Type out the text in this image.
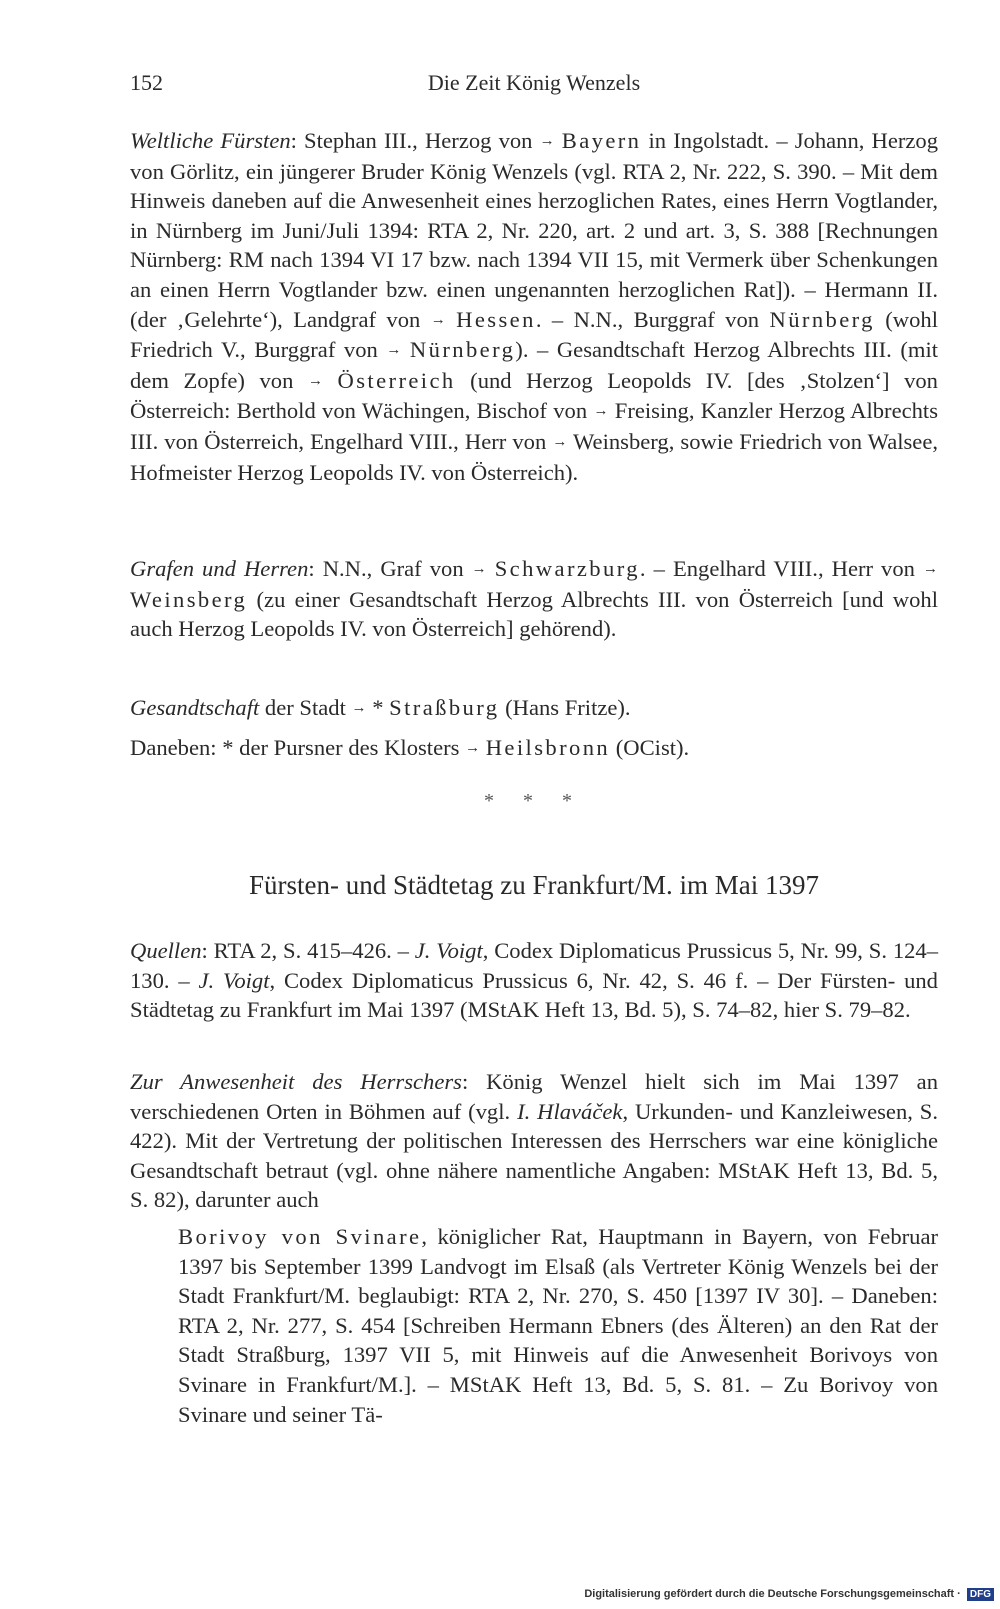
152	Die Zeit König Wenzels

Weltliche Fürsten: Stephan III., Herzog von → Bayern in Ingolstadt. – Johann, Herzog von Görlitz, ein jüngerer Bruder König Wenzels (vgl. RTA 2, Nr. 222, S. 390. – Mit dem Hinweis daneben auf die Anwesenheit eines herzoglichen Rates, eines Herrn Vogtlander, in Nürnberg im Juni/Juli 1394: RTA 2, Nr. 220, art. 2 und art. 3, S. 388 [Rechnungen Nürnberg: RM nach 1394 VI 17 bzw. nach 1394 VII 15, mit Vermerk über Schenkungen an einen Herrn Vogtlander bzw. einen ungenannten herzoglichen Rat]). – Hermann II. (der ‚Gelehrte‘), Landgraf von → Hessen. – N.N., Burggraf von Nürnberg (wohl Friedrich V., Burggraf von → Nürnberg). – Gesandtschaft Herzog Albrechts III. (mit dem Zopfe) von → Österreich (und Herzog Leopolds IV. [des ‚Stolzen‘] von Österreich: Berthold von Wächingen, Bischof von → Freising, Kanzler Herzog Albrechts III. von Österreich, Engelhard VIII., Herr von → Weinsberg, sowie Friedrich von Walsee, Hofmeister Herzog Leopolds IV. von Österreich).

Grafen und Herren: N.N., Graf von → Schwarzburg. – Engelhard VIII., Herr von → Weinsberg (zu einer Gesandtschaft Herzog Albrechts III. von Österreich [und wohl auch Herzog Leopolds IV. von Österreich] gehörend).

Gesandtschaft der Stadt → * Straßburg (Hans Fritze).

Daneben: * der Pursner des Klosters → Heilsbronn (OCist).

* * *
Fürsten- und Städtetag zu Frankfurt/M. im Mai 1397

Quellen: RTA 2, S. 415–426. – J. Voigt, Codex Diplomaticus Prussicus 5, Nr. 99, S. 124–130. – J. Voigt, Codex Diplomaticus Prussicus 6, Nr. 42, S. 46 f. – Der Fürsten- und Städtetag zu Frankfurt im Mai 1397 (MStAK Heft 13, Bd. 5), S. 74–82, hier S. 79–82.

Zur Anwesenheit des Herrschers: König Wenzel hielt sich im Mai 1397 an verschiedenen Orten in Böhmen auf (vgl. I. Hlaváček, Urkunden- und Kanzleiwesen, S. 422). Mit der Vertretung der politischen Interessen des Herrschers war eine königliche Gesandtschaft betraut (vgl. ohne nähere namentliche Angaben: MStAK Heft 13, Bd. 5, S. 82), darunter auch

Borivoy von Svinare, königlicher Rat, Hauptmann in Bayern, von Februar 1397 bis September 1399 Landvogt im Elsaß (als Vertreter König Wenzels bei der Stadt Frankfurt/M. beglaubigt: RTA 2, Nr. 270, S. 450 [1397 IV 30]. – Daneben: RTA 2, Nr. 277, S. 454 [Schreiben Hermann Ebners (des Älteren) an den Rat der Stadt Straßburg, 1397 VII 5, mit Hinweis auf die Anwesenheit Borivoys von Svinare in Frankfurt/M.]. – MStAK Heft 13, Bd. 5, S. 81. – Zu Borivoy von Svinare und seiner Tä-

Digitalisierung gefördert durch die Deutsche Forschungsgemeinschaft · DFG
